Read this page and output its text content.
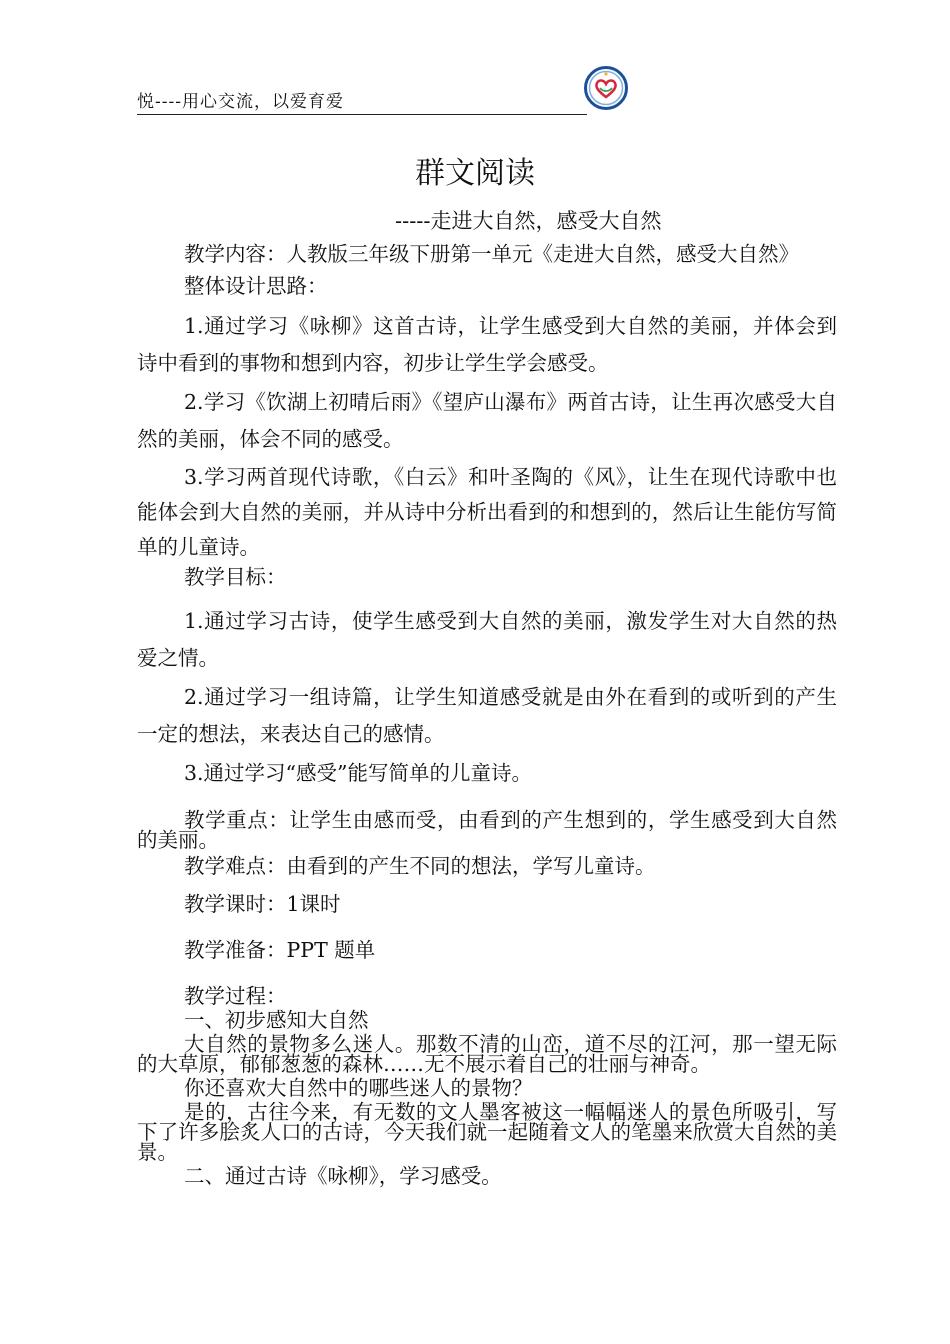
悦----用心交流，以爱育爱
群文阅读
-----走进大自然，感受大自然

教学内容：人教版三年级下册第一单元《走进大自然，感受大自然》

整体设计思路：

1.通过学习《咏柳》这首古诗，让学生感受到大自然的美丽，并体会到诗中看到的事物和想到内容，初步让学生学会感受。

2.学习《饮湖上初晴后雨》《望庐山瀑布》两首古诗，让生再次感受大自然的美丽，体会不同的感受。

3.学习两首现代诗歌，《白云》和叶圣陶的《风》，让生在现代诗歌中也能体会到大自然的美丽，并从诗中分析出看到的和想到的，然后让生能仿写简单的儿童诗。

教学目标：

1.通过学习古诗，使学生感受到大自然的美丽，激发学生对大自然的热爱之情。

2.通过学习一组诗篇，让学生知道感受就是由外在看到的或听到的产生一定的想法，来表达自己的感情。

3.通过学习“感受”能写简单的儿童诗。

教学重点：让学生由感而受，由看到的产生想到的，学生感受到大自然的美丽。

教学难点：由看到的产生不同的想法，学写儿童诗。

教学课时：1课时

教学准备：PPT 题单

教学过程：

一、初步感知大自然

大自然的景物多么迷人。那数不清的山峦，道不尽的江河，那一望无际的大草原，郁郁葱葱的森林……无不展示着自己的壮丽与神奇。

你还喜欢大自然中的哪些迷人的景物？

是的，古往今来，有无数的文人墨客被这一幅幅迷人的景色所吸引，写下了许多脍炙人口的古诗，今天我们就一起随着文人的笔墨来欣赏大自然的美景。

二、通过古诗《咏柳》，学习感受。
